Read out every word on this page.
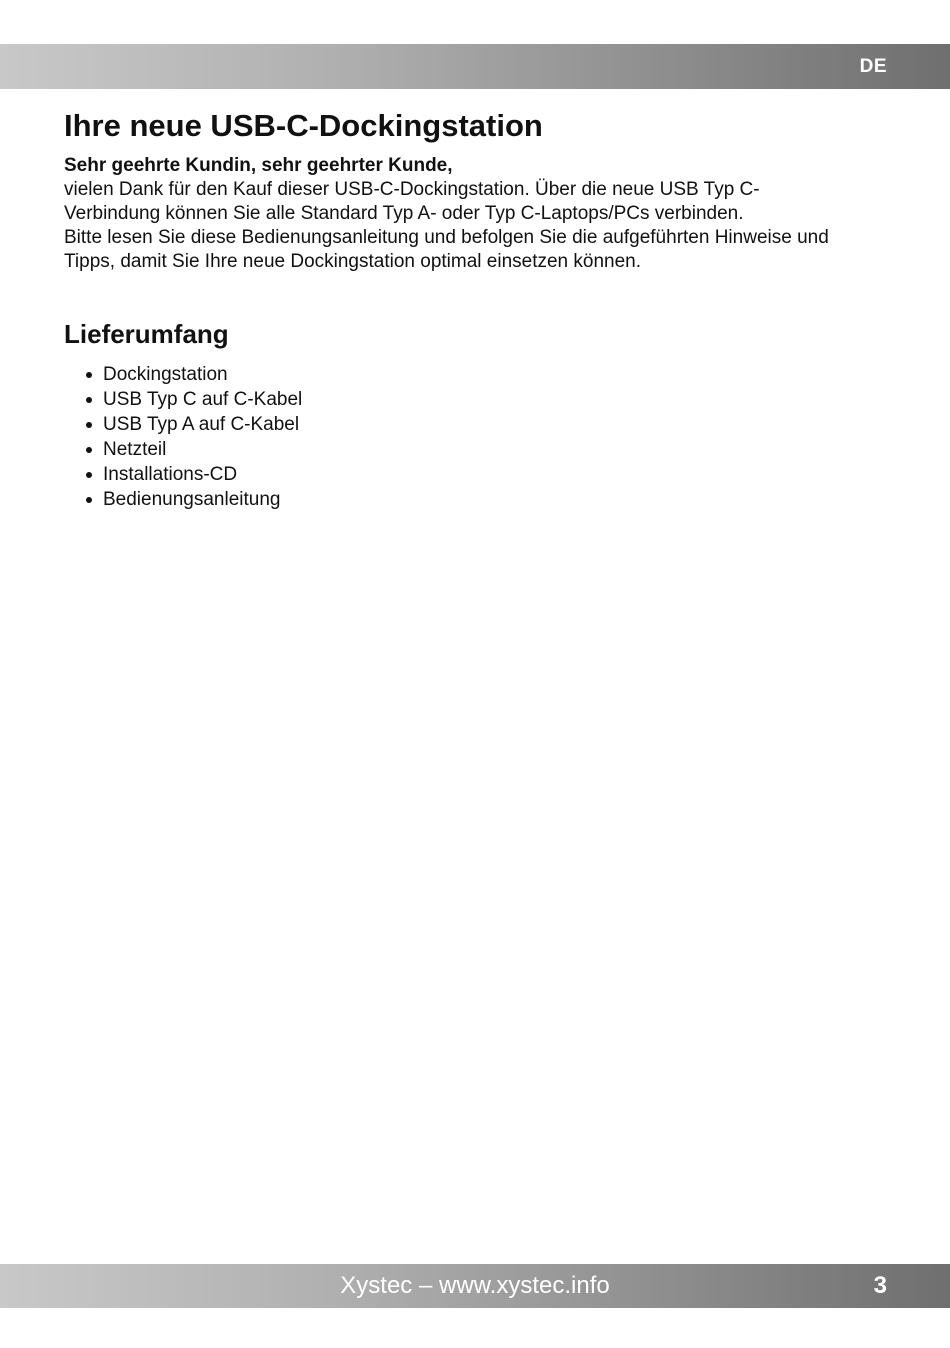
DE
Ihre neue USB-C-Dockingstation
Sehr geehrte Kundin, sehr geehrter Kunde,
vielen Dank für den Kauf dieser USB-C-Dockingstation. Über die neue USB Typ C-
Verbindung können Sie alle Standard Typ A- oder Typ C-Laptops/PCs verbinden.
Bitte lesen Sie diese Bedienungsanleitung und befolgen Sie die aufgeführten Hinweise und
Tipps, damit Sie Ihre neue Dockingstation optimal einsetzen können.
Lieferumfang
Dockingstation
USB Typ C auf C-Kabel
USB Typ A auf C-Kabel
Netzteil
Installations-CD
Bedienungsanleitung
Xystec – www.xystec.info	3
